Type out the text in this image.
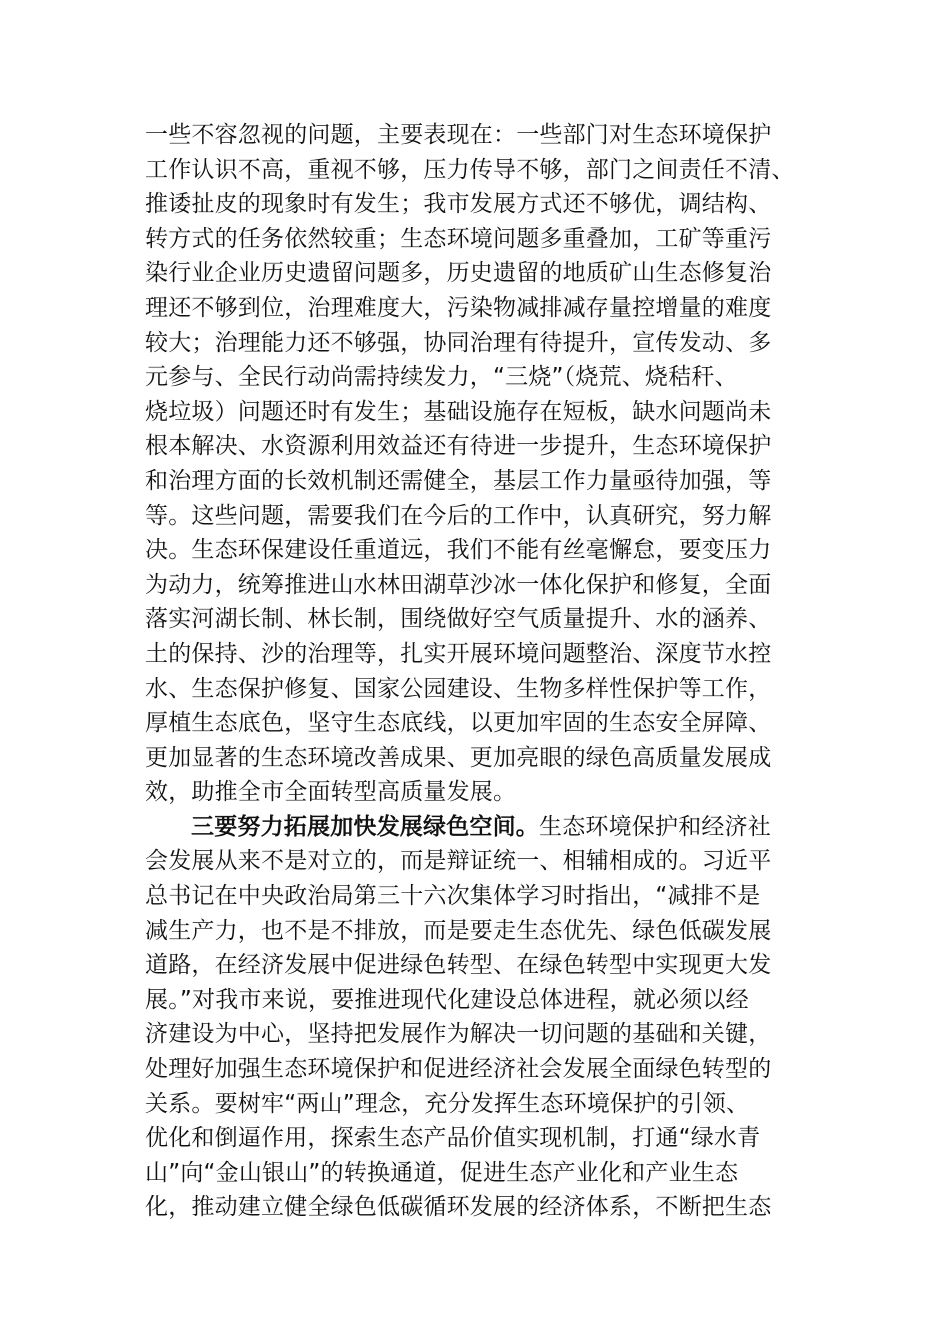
一些不容忽视的问题，主要表现在：一些部门对生态环境保护
工作认识不高，重视不够，压力传导不够，部门之间责任不清、
推诿扯皮的现象时有发生；我市发展方式还不够优，调结构、
转方式的任务依然较重；生态环境问题多重叠加，工矿等重污
染行业企业历史遗留问题多，历史遗留的地质矿山生态修复治
理还不够到位，治理难度大，污染物减排减存量控增量的难度
较大；治理能力还不够强，协同治理有待提升，宣传发动、多
元参与、全民行动尚需持续发力，“三烧”（烧荒、烧秸秆、
烧垃圾）问题还时有发生；基础设施存在短板，缺水问题尚未
根本解决、水资源利用效益还有待进一步提升，生态环境保护
和治理方面的长效机制还需健全，基层工作力量亟待加强，等
等。这些问题，需要我们在今后的工作中，认真研究，努力解
决。生态环保建设任重道远，我们不能有丝毫懈怠，要变压力
为动力，统筹推进山水林田湖草沙冰一体化保护和修复，全面
落实河湖长制、林长制，围绕做好空气质量提升、水的涵养、
土的保持、沙的治理等，扎实开展环境问题整治、深度节水控
水、生态保护修复、国家公园建设、生物多样性保护等工作，
厚植生态底色，坚守生态底线，以更加牢固的生态安全屏障、
更加显著的生态环境改善成果、更加亮眼的绿色高质量发展成
效，助推全市全面转型高质量发展。
三要努力拓展加快发展绿色空间。生态环境保护和经济社
会发展从来不是对立的，而是辩证统一、相辅相成的。习近平
总书记在中央政治局第三十六次集体学习时指出，“减排不是
减生产力，也不是不排放，而是要走生态优先、绿色低碳发展
道路，在经济发展中促进绿色转型、在绿色转型中实现更大发
展。”对我市来说，要推进现代化建设总体进程，就必须以经
济建设为中心，坚持把发展作为解决一切问题的基础和关键，
处理好加强生态环境保护和促进经济社会发展全面绿色转型的
关系。要树牢“两山”理念，充分发挥生态环境保护的引领、
优化和倒逼作用，探索生态产品价值实现机制，打通“绿水青
山”向“金山银山”的转换通道，促进生态产业化和产业生态
化，推动建立健全绿色低碳循环发展的经济体系，不断把生态
